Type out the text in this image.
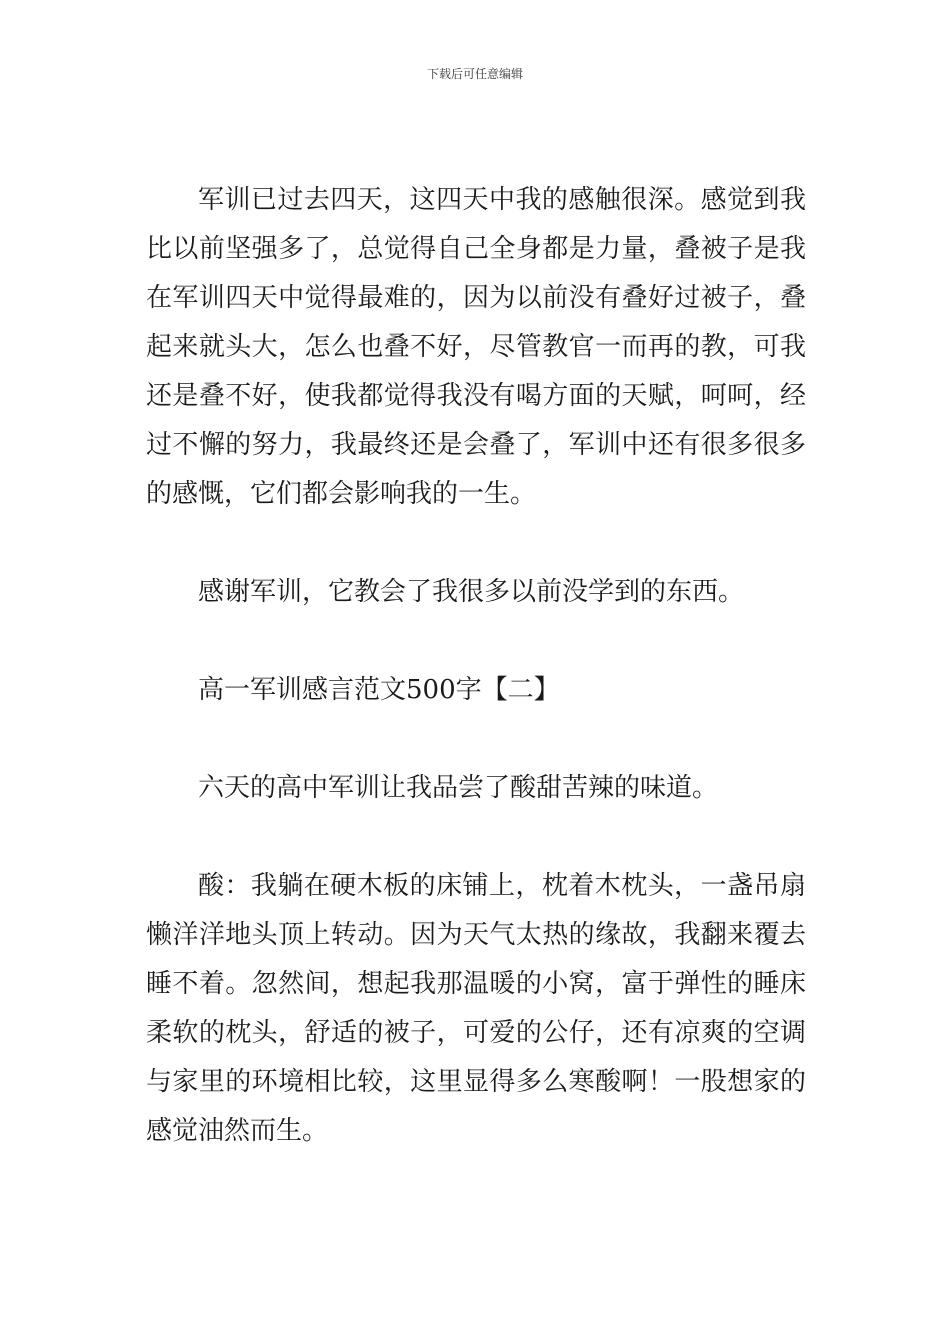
下载后可任意编辑

军训已过去四天，这四天中我的感触很深。感觉到我比以前坚强多了，总觉得自己全身都是力量，叠被子是我在军训四天中觉得最难的，因为以前没有叠好过被子，叠起来就头大，怎么也叠不好，尽管教官一而再的教，可我还是叠不好，使我都觉得我没有喝方面的天赋，呵呵，经过不懈的努力，我最终还是会叠了，军训中还有很多很多的感慨，它们都会影响我的一生。

感谢军训，它教会了我很多以前没学到的东西。

高一军训感言范文500字【二】

六天的高中军训让我品尝了酸甜苦辣的味道。

酸：我躺在硬木板的床铺上，枕着木枕头，一盏吊扇懒洋洋地头顶上转动。因为天气太热的缘故，我翻来覆去睡不着。忽然间，想起我那温暖的小窝，富于弹性的睡床柔软的枕头，舒适的被子，可爱的公仔，还有凉爽的空调与家里的环境相比较，这里显得多么寒酸啊！一股想家的感觉油然而生。
